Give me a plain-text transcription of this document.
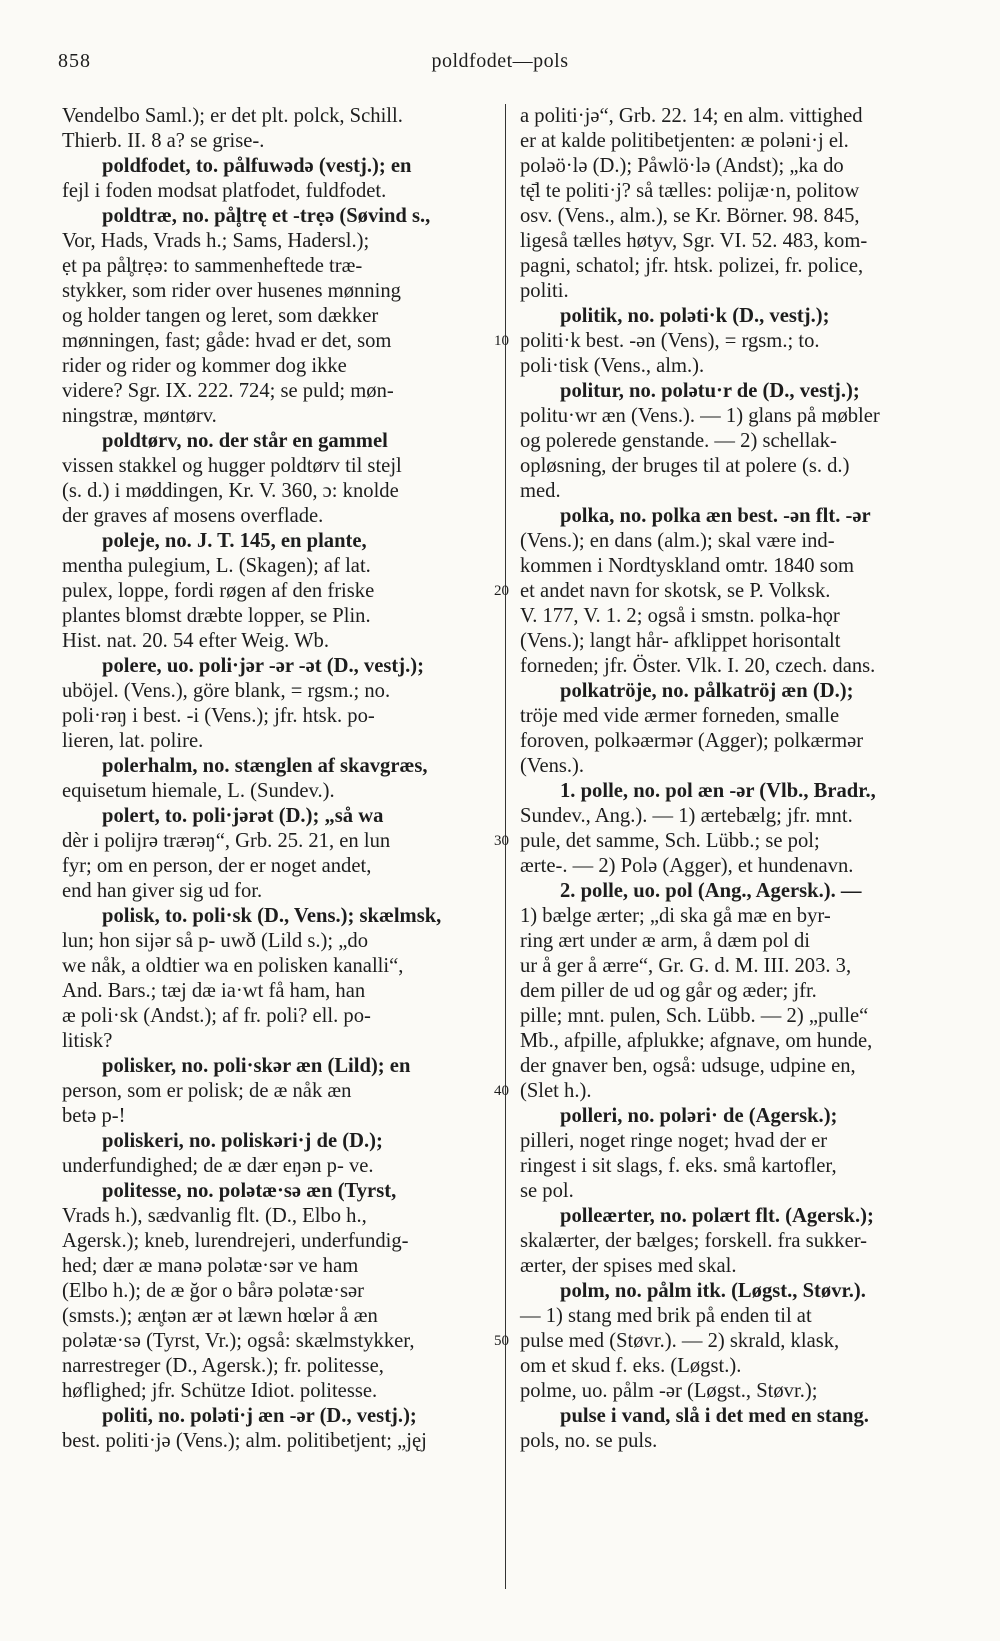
858	poldfodet—pols
Vendelbo Saml.); er det plt. polck, Schill.
Thierb. II. 8 a? se grise-.
poldfodet, to. pålfuwədə (vestj.); en
fejl i foden modsat platfodet, fuldfodet.
poldtræ, no. pål̥trę et -trẹə (Søvind s.,
Vor, Hads, Vrads h.; Sams, Hadersl.);
ẹt pa pål̥trẹə: to sammenheftede træ-
stykker, som rider over husenes mønning
og holder tangen og leret, som dækker
mønningen, fast; gåde: hvad er det, som
rider og rider og kommer dog ikke
videre? Sgr. IX. 222. 724; se puld; møn-
ningstræ, møntørv.
poldtørv, no. der står en gammel
vissen stakkel og hugger poldtørv til stejl
(s. d.) i møddingen, Kr. V. 360, ɔ: knolde
der graves af mosens overflade.
poleje, no. J. T. 145, en plante,
mentha pulegium, L. (Skagen); af lat.
pulex, loppe, fordi røgen af den friske
plantes blomst dræbte lopper, se Plin.
Hist. nat. 20. 54 efter Weig. Wb.
polere, uo. poli·jər -ər -ət (D., vestj.);
uböjel. (Vens.), göre blank, = rgsm.; no.
poli·rəŋ i best. -i (Vens.); jfr. htsk. po-
lieren, lat. polire.
polerhalm, no. stænglen af skavgræs,
equisetum hiemale, L. (Sundev.).
polert, to. poli·jərət (D.); „så wa
dèr i polijrə trærəŋ“, Grb. 25. 21, en lun
fyr; om en person, der er noget andet,
end han giver sig ud for.
polisk, to. poli·sk (D., Vens.); skælmsk,
lun; hon sijər så p- uwð (Lild s.); „do
we nåk, a oldtier wa en polisken kanalli“,
And. Bars.; tæj dæ ia·wt få ham, han
æ poli·sk (Andst.); af fr. poli? ell. po-
litisk?
polisker, no. poli·skər æn (Lild); en
person, som er polisk; de æ nåk æn
betə p-!
poliskeri, no. poliskəri·j de (D.);
underfundighed; de æ dær eŋən p- ve.
politesse, no. polətæ·sə æn (Tyrst,
Vrads h.), sædvanlig flt. (D., Elbo h.,
Agersk.); kneb, lurendrejeri, underfundig-
hed; dær æ manə polətæ·sər ve ham
(Elbo h.); de æ ğor o bårə polətæ·sər
(smsts.); æn̥tən ær ət læwn hœlər å æn
polətæ·sə (Tyrst, Vr.); også: skælmstykker,
narrestreger (D., Agersk.); fr. politesse,
høflighed; jfr. Schütze Idiot. politesse.
politi, no. poləti·j æn -ər (D., vestj.);
best. politi·jə (Vens.); alm. politibetjent; „jęj
10
20
30
40
50
a politi·jə“, Grb. 22. 14; en alm. vittighed
er at kalde politibetjenten: æ poləni·j el.
poləö·lə (D.); Påwlö·lə (Andst); „ka do
tę̄l te politi·j? så tælles: polijæ·n, politow
osv. (Vens., alm.), se Kr. Börner. 98. 845,
ligeså tælles høtyv, Sgr. VI. 52. 483, kom-
pagni, schatol; jfr. htsk. polizei, fr. police,
politi.
politik, no. poləti·k (D., vestj.);
politi·k best. -ən (Vens), = rgsm.; to.
poli·tisk (Vens., alm.).
politur, no. polətu·r de (D., vestj.);
politu·wr æn (Vens.). — 1) glans på møbler
og polerede genstande. — 2) schellak-
opløsning, der bruges til at polere (s. d.)
med.
polka, no. polka æn best. -ən flt. -ər
(Vens.); en dans (alm.); skal være ind-
kommen i Nordtyskland omtr. 1840 som
et andet navn for skotsk, se P. Volksk.
V. 177, V. 1. 2; også i smstn. polka-hǫr
(Vens.); langt hår- afklippet horisontalt
forneden; jfr. Öster. Vlk. I. 20, czech. dans.
polkatröje, no. pålkatröj æn (D.);
tröje med vide ærmer forneden, smalle
foroven, polkəærmər (Agger); polkærmər
(Vens.).
1. polle, no. pol æn -ər (Vlb., Bradr.,
Sundev., Ang.). — 1) ærtebælg; jfr. mnt.
pule, det samme, Sch. Lübb.; se pol;
ærte-. — 2) Polə (Agger), et hundenavn.
2. polle, uo. pol (Ang., Agersk.). —
1) bælge ærter; „di ska gå mæ en byr-
ring ært under æ arm, å dæm pol di
ur å ger å ærre“, Gr. G. d. M. III. 203. 3,
dem piller de ud og går og æder; jfr.
pille; mnt. pulen, Sch. Lübb. — 2) „pulle“
Mb., afpille, afplukke; afgnave, om hunde,
der gnaver ben, også: udsuge, udpine en,
(Slet h.).
polleri, no. poləri· de (Agersk.);
pilleri, noget ringe noget; hvad der er
ringest i sit slags, f. eks. små kartofler,
se pol.
polleærter, no. polært flt. (Agersk.);
skalærter, der bælges; forskell. fra sukker-
ærter, der spises med skal.
polm, no. pålm itk. (Løgst., Støvr.).
— 1) stang med brik på enden til at
pulse med (Støvr.). — 2) skrald, klask,
om et skud f. eks. (Løgst.).
polme, uo. pålm -ər (Løgst., Støvr.);
pulse i vand, slå i det med en stang.
pols, no. se puls.
